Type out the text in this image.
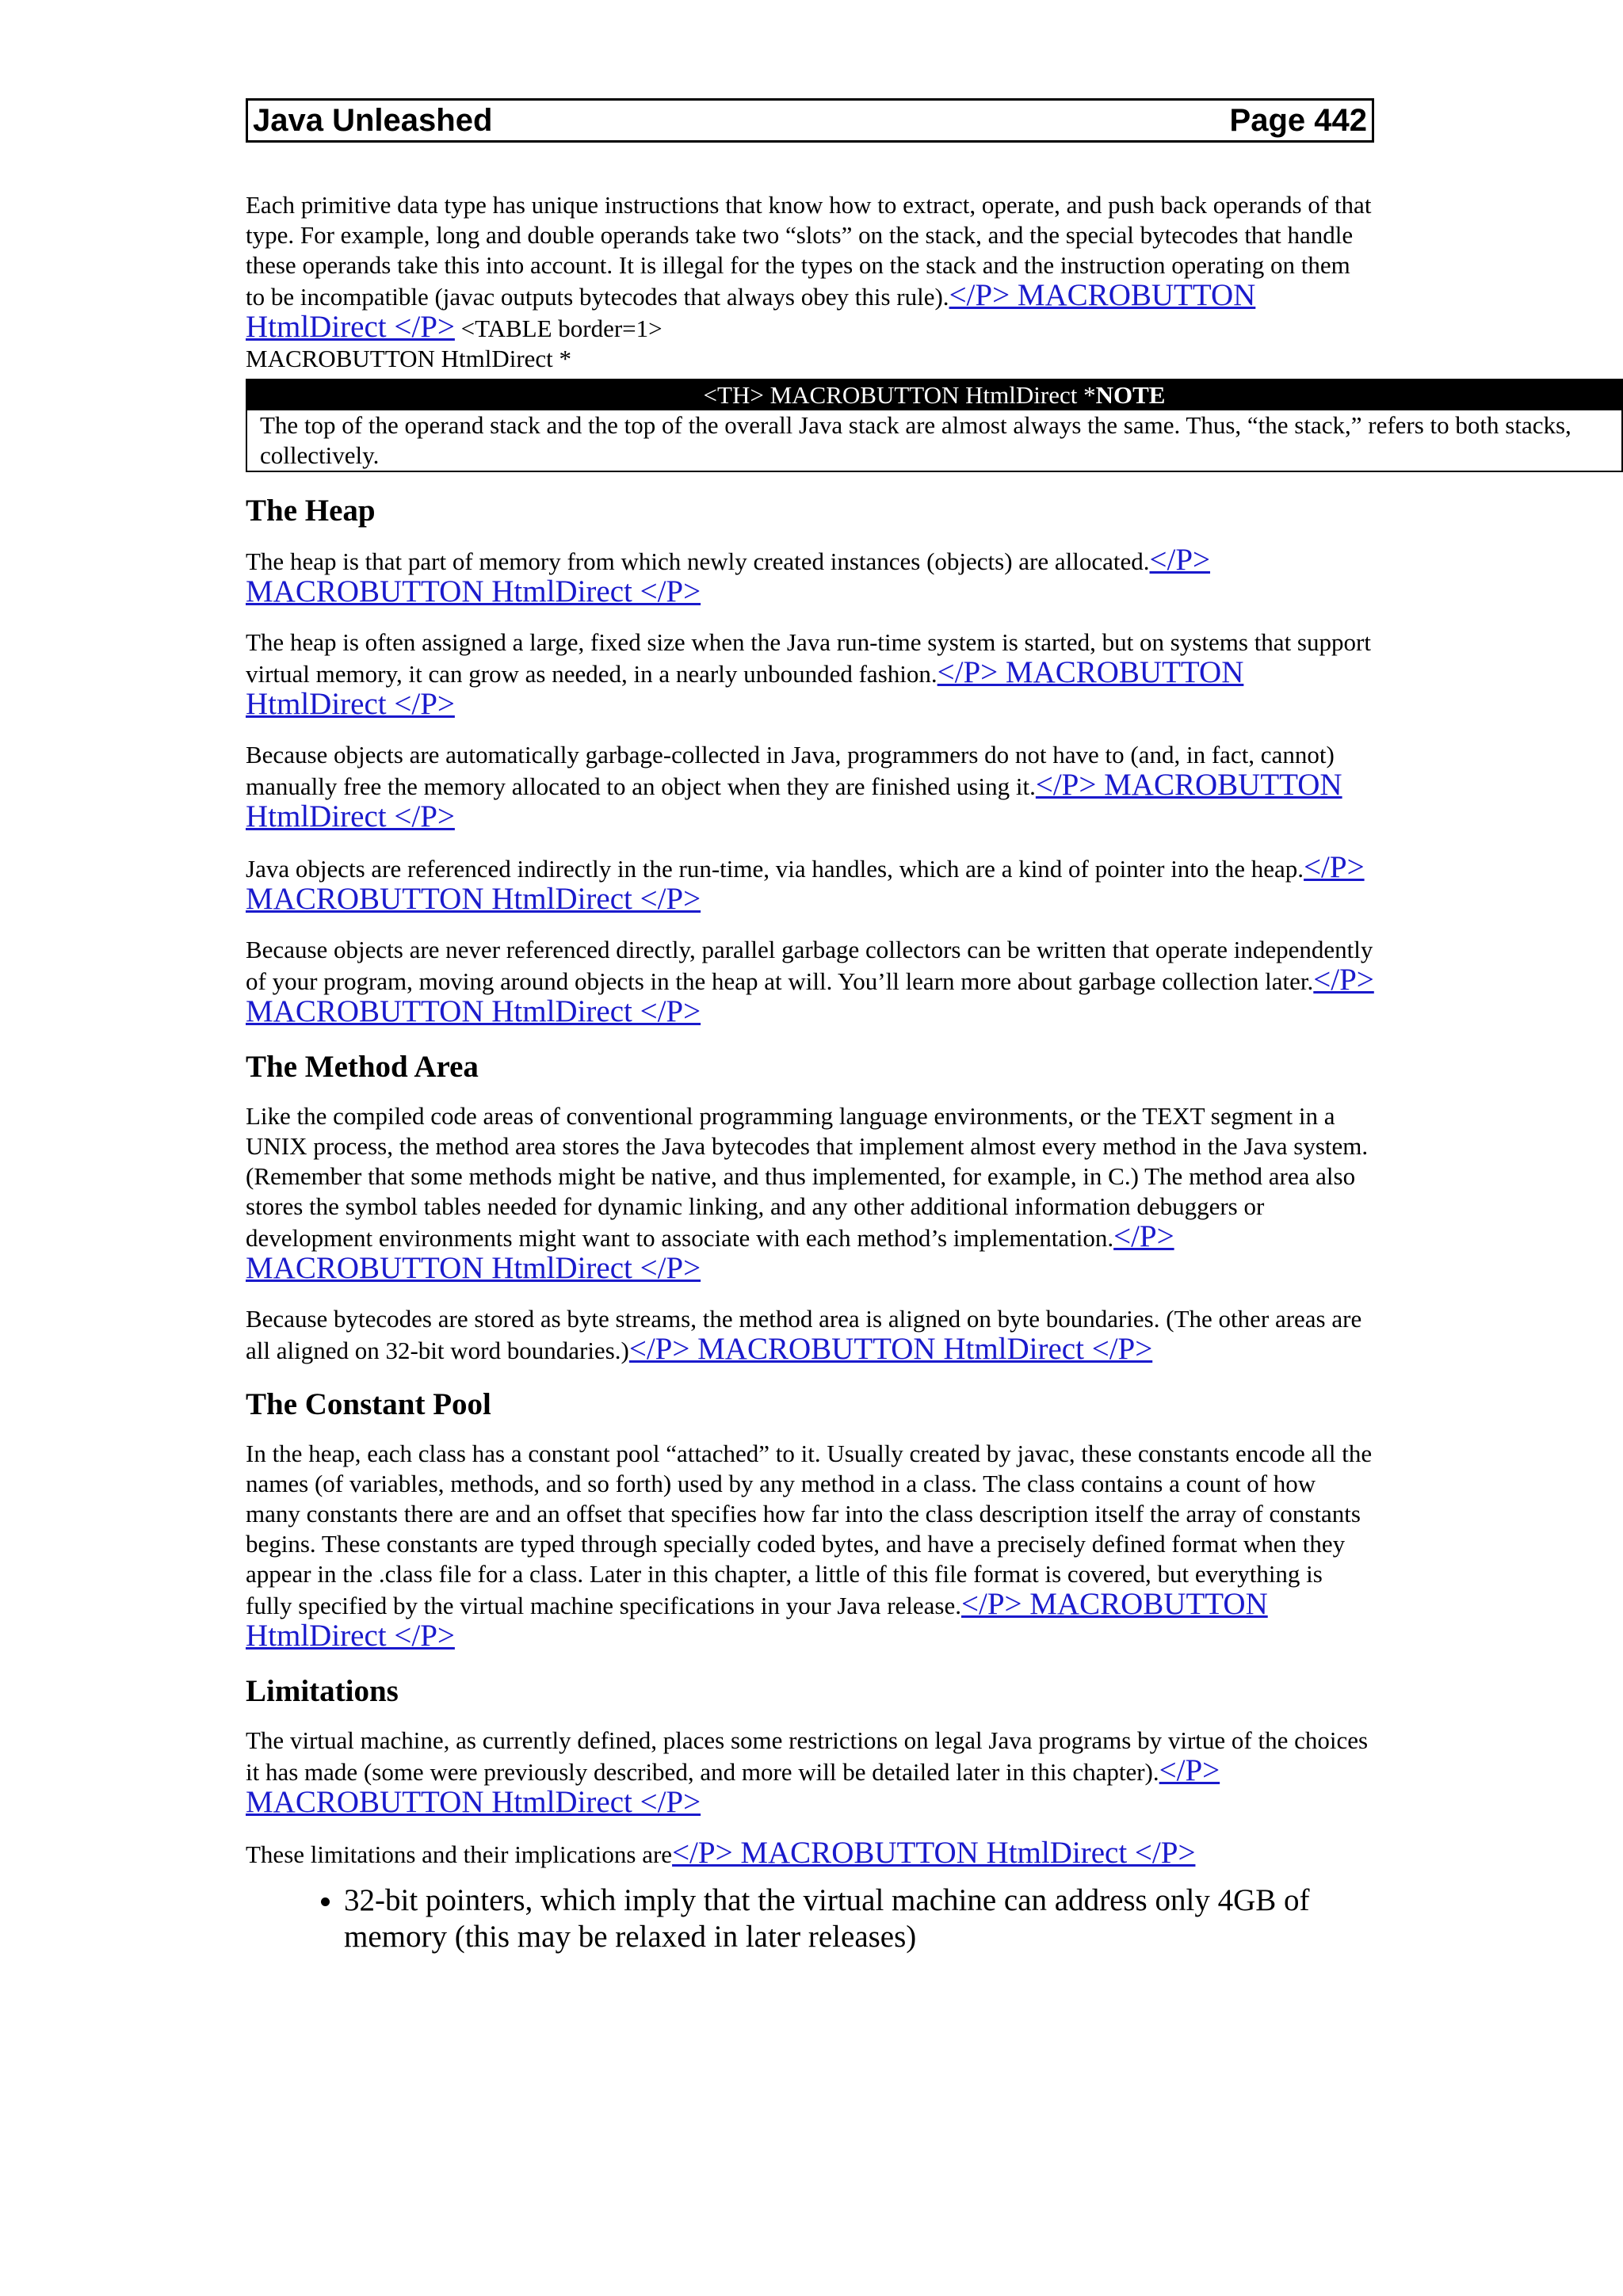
Java Unleashed	Page 442

Each primitive data type has unique instructions that know how to extract, operate, and push back operands of that type. For example, long and double operands take two “slots” on the stack, and the special bytecodes that handle these operands take this into account. It is illegal for the types on the stack and the instruction operating on them to be incompatible (javac outputs bytecodes that always obey this rule).</P> MACROBUTTON HtmlDirect </P> <TABLE border=1>
MACROBUTTON HtmlDirect *

<TH> MACROBUTTON HtmlDirect *NOTE
The top of the operand stack and the top of the overall Java stack are almost always the same. Thus, “the stack,” refers to both stacks, collectively.
The Heap

The heap is that part of memory from which newly created instances (objects) are allocated.</P> MACROBUTTON HtmlDirect </P>

The heap is often assigned a large, fixed size when the Java run-time system is started, but on systems that support virtual memory, it can grow as needed, in a nearly unbounded fashion.</P> MACROBUTTON HtmlDirect </P>

Because objects are automatically garbage-collected in Java, programmers do not have to (and, in fact, cannot) manually free the memory allocated to an object when they are finished using it.</P> MACROBUTTON HtmlDirect </P>

Java objects are referenced indirectly in the run-time, via handles, which are a kind of pointer into the heap.</P> MACROBUTTON HtmlDirect </P>

Because objects are never referenced directly, parallel garbage collectors can be written that operate independently of your program, moving around objects in the heap at will. You’ll learn more about garbage collection later.</P> MACROBUTTON HtmlDirect </P>

The Method Area

Like the compiled code areas of conventional programming language environments, or the TEXT segment in a UNIX process, the method area stores the Java bytecodes that implement almost every method in the Java system. (Remember that some methods might be native, and thus implemented, for example, in C.) The method area also stores the symbol tables needed for dynamic linking, and any other additional information debuggers or development environments might want to associate with each method’s implementation.</P> MACROBUTTON HtmlDirect </P>

Because bytecodes are stored as byte streams, the method area is aligned on byte boundaries. (The other areas are all aligned on 32-bit word boundaries.)</P> MACROBUTTON HtmlDirect </P>

The Constant Pool

In the heap, each class has a constant pool “attached” to it. Usually created by javac, these constants encode all the names (of variables, methods, and so forth) used by any method in a class. The class contains a count of how many constants there are and an offset that specifies how far into the class description itself the array of constants begins. These constants are typed through specially coded bytes, and have a precisely defined format when they appear in the .class file for a class. Later in this chapter, a little of this file format is covered, but everything is fully specified by the virtual machine specifications in your Java release.</P> MACROBUTTON HtmlDirect </P>

Limitations

The virtual machine, as currently defined, places some restrictions on legal Java programs by virtue of the choices it has made (some were previously described, and more will be detailed later in this chapter).</P> MACROBUTTON HtmlDirect </P>

These limitations and their implications are</P> MACROBUTTON HtmlDirect </P>

• 32-bit pointers, which imply that the virtual machine can address only 4GB of memory (this may be relaxed in later releases)
